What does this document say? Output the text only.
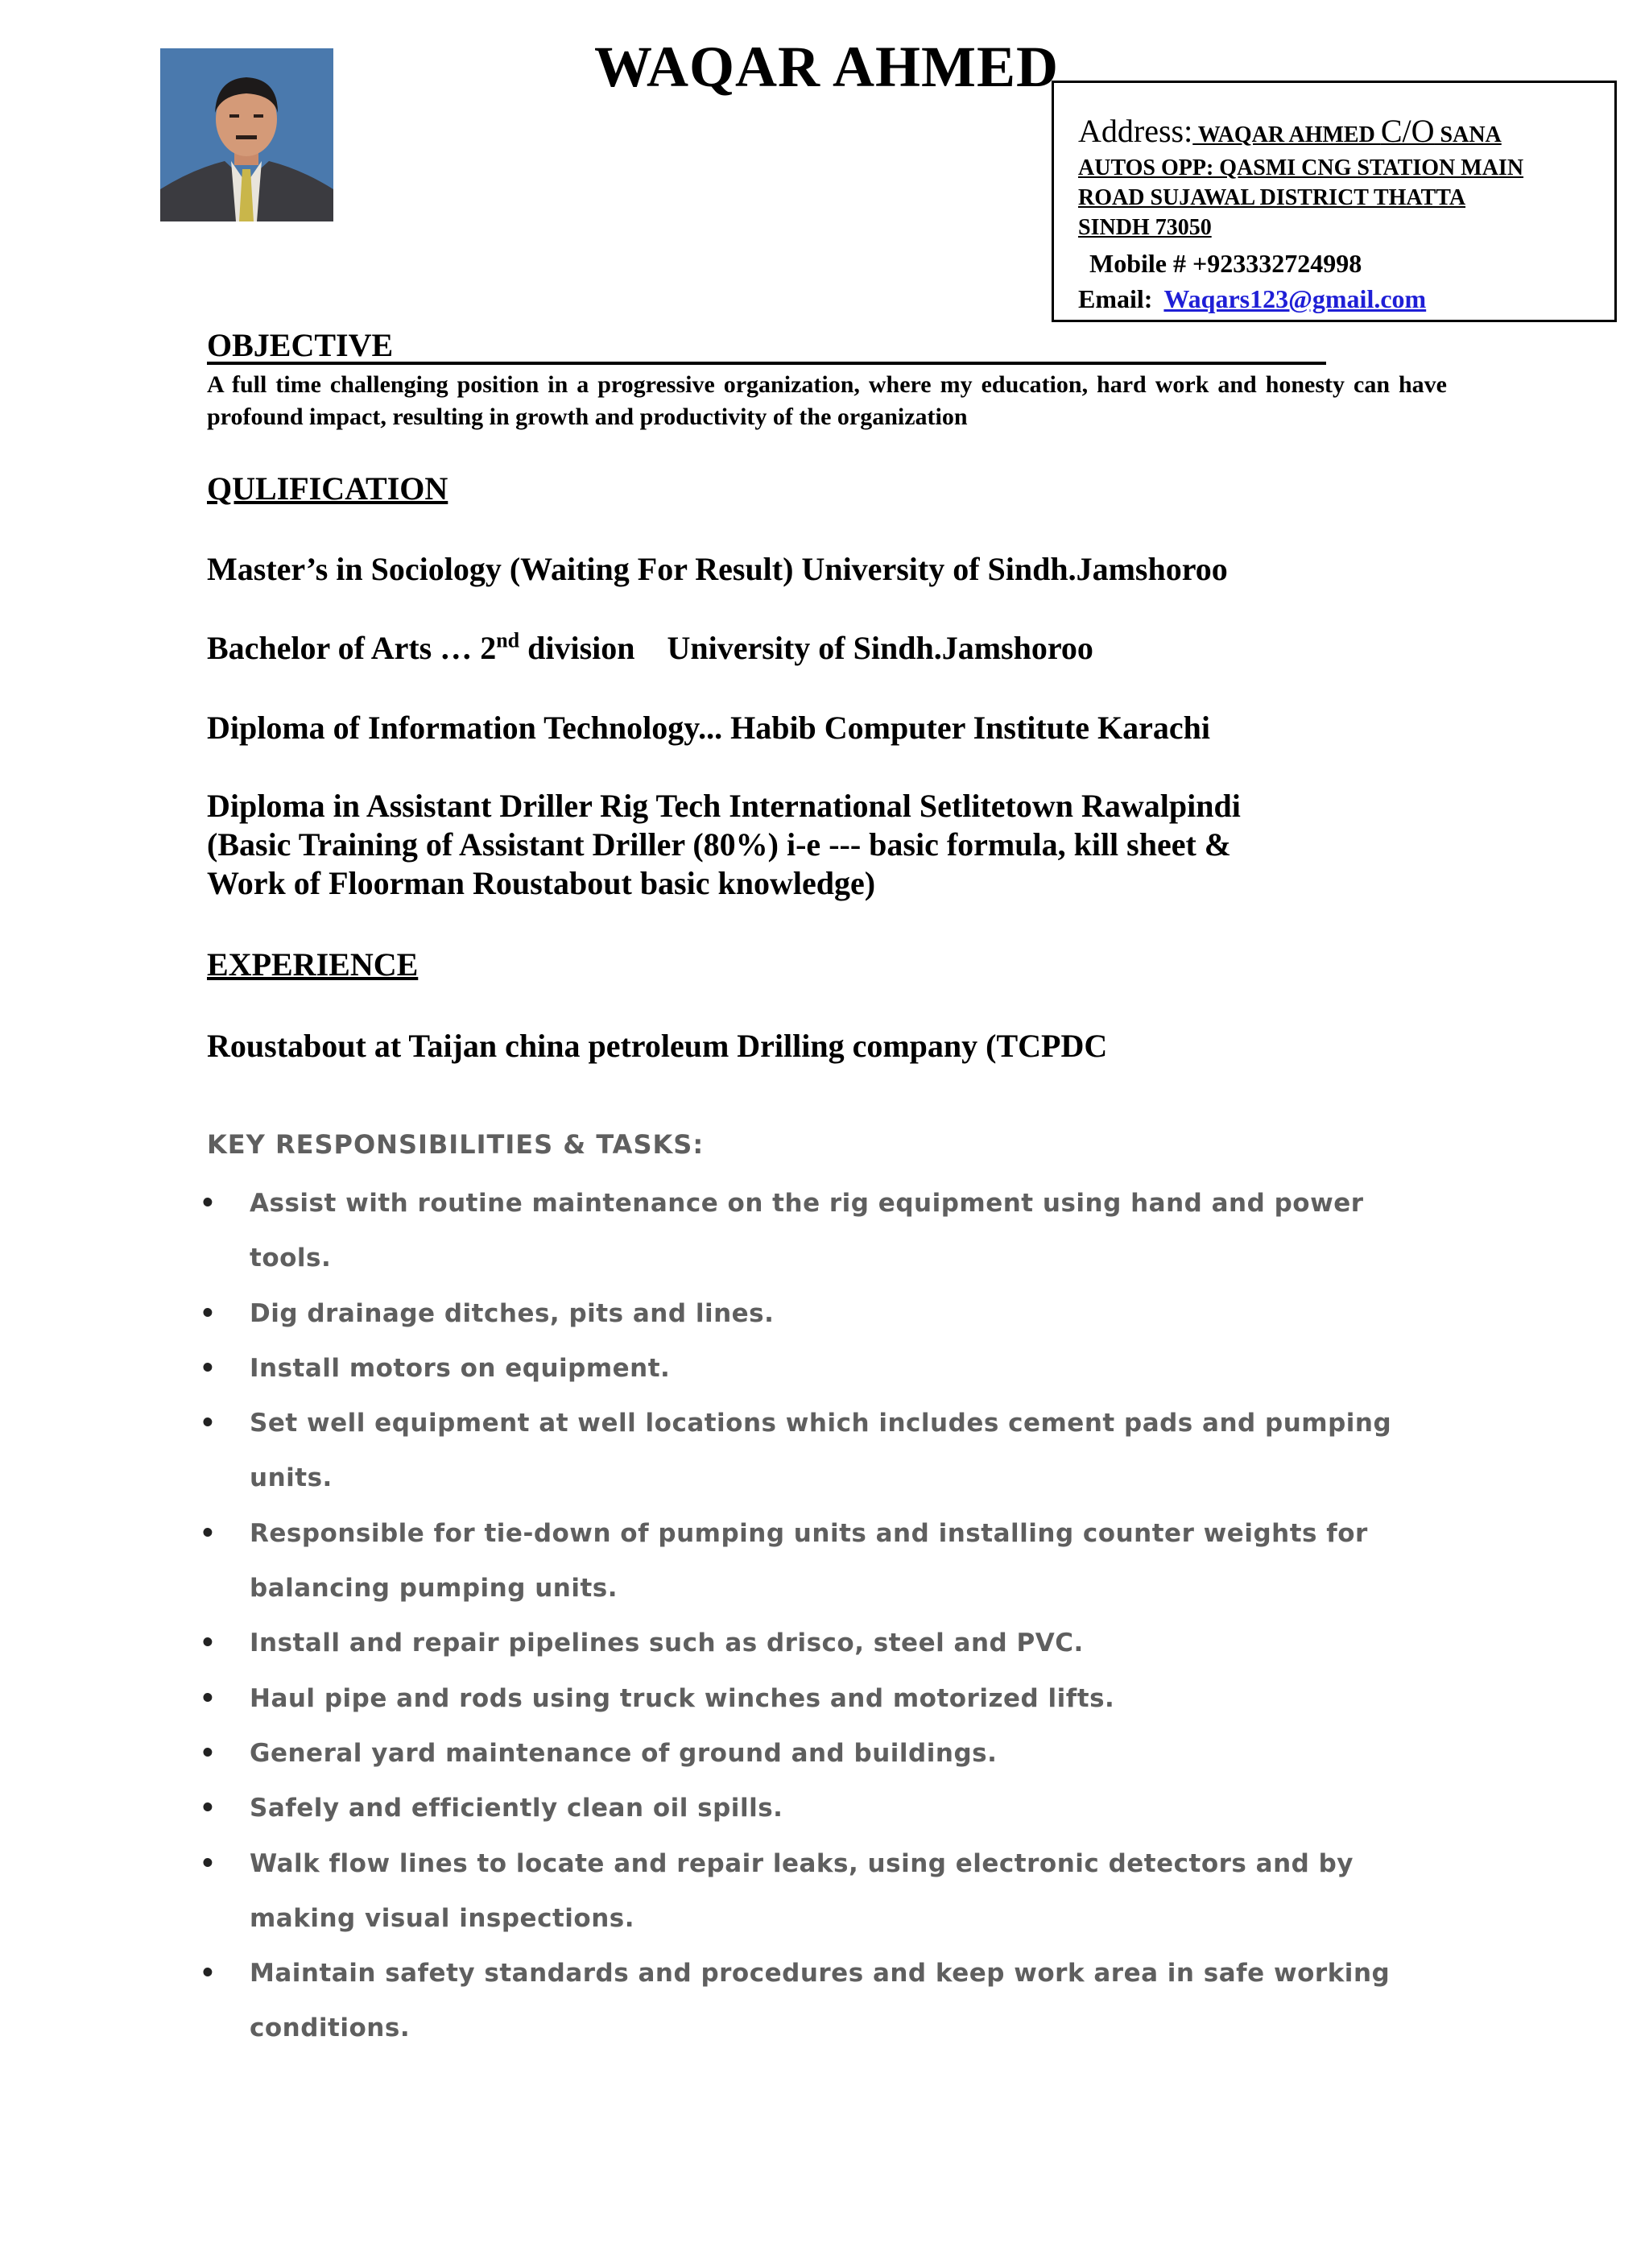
WAQAR AHMED
Address: WAQAR AHMED C/O SANA
AUTOS OPP: QASMI CNG STATION MAIN
ROAD SUJAWAL DISTRICT THATTA
SINDH 73050
Mobile # +923332724998
Email: Waqars123@gmail.com
OBJECTIVE
A full time challenging position in a progressive organization, where my education, hard work and honesty can have profound impact, resulting in growth and productivity of the organization
QULIFICATION
Master’s in Sociology (Waiting For Result) University of Sindh.Jamshoroo
Bachelor of Arts … 2nd division    University of Sindh.Jamshoroo
Diploma of Information Technology... Habib Computer Institute Karachi
Diploma in Assistant Driller Rig Tech International Setlitetown Rawalpindi
(Basic Training of Assistant Driller (80%) i-e --- basic formula, kill sheet &
Work of Floorman Roustabout basic knowledge)
EXPERIENCE
Roustabout at Taijan china petroleum Drilling company (TCPDC
KEY RESPONSIBILITIES & TASKS:
• Assist with routine maintenance on the rig equipment using hand and power tools.
• Dig drainage ditches, pits and lines.
• Install motors on equipment.
• Set well equipment at well locations which includes cement pads and pumping units.
• Responsible for tie-down of pumping units and installing counter weights for balancing pumping units.
• Install and repair pipelines such as drisco, steel and PVC.
• Haul pipe and rods using truck winches and motorized lifts.
• General yard maintenance of ground and buildings.
• Safely and efficiently clean oil spills.
• Walk flow lines to locate and repair leaks, using electronic detectors and by making visual inspections.
• Maintain safety standards and procedures and keep work area in safe working conditions.
